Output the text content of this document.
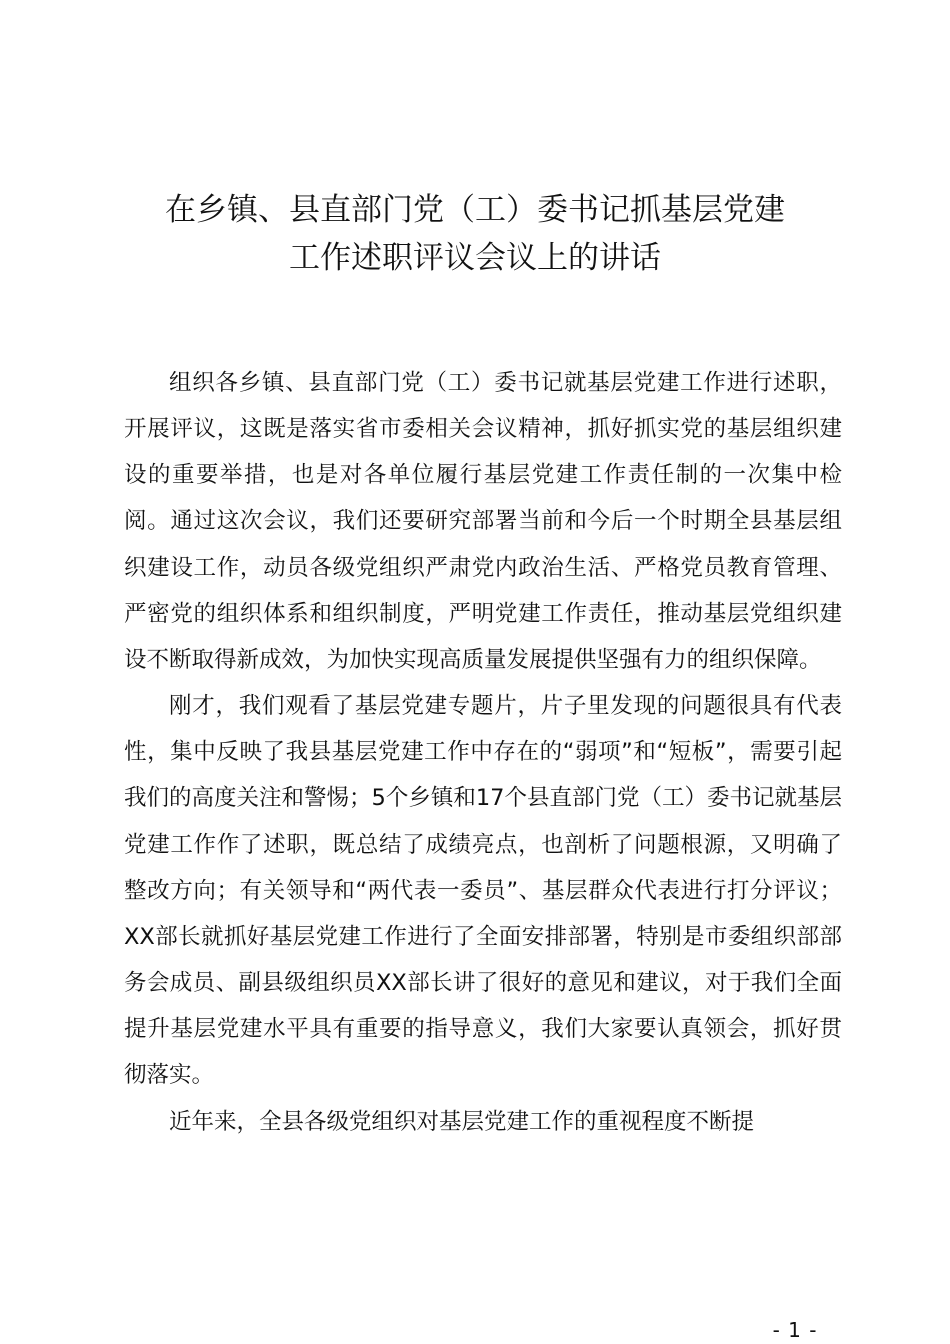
在乡镇、县直部门党（工）委书记抓基层党建
工作述职评议会议上的讲话

组织各乡镇、县直部门党（工）委书记就基层党建工作进行述职，开展评议，这既是落实省市委相关会议精神，抓好抓实党的基层组织建设的重要举措，也是对各单位履行基层党建工作责任制的一次集中检阅。通过这次会议，我们还要研究部署当前和今后一个时期全县基层组织建设工作，动员各级党组织严肃党内政治生活、严格党员教育管理、严密党的组织体系和组织制度，严明党建工作责任，推动基层党组织建设不断取得新成效，为加快实现高质量发展提供坚强有力的组织保障。

刚才，我们观看了基层党建专题片，片子里发现的问题很具有代表性，集中反映了我县基层党建工作中存在的“弱项”和“短板”，需要引起我们的高度关注和警惕；5个乡镇和17个县直部门党（工）委书记就基层党建工作作了述职，既总结了成绩亮点，也剖析了问题根源，又明确了整改方向；有关领导和“两代表一委员”、基层群众代表进行打分评议；XX部长就抓好基层党建工作进行了全面安排部署，特别是市委组织部部务会成员、副县级组织员XX部长讲了很好的意见和建议，对于我们全面提升基层党建水平具有重要的指导意义，我们大家要认真领会，抓好贯彻落实。

近年来，全县各级党组织对基层党建工作的重视程度不断提

- 1 -
